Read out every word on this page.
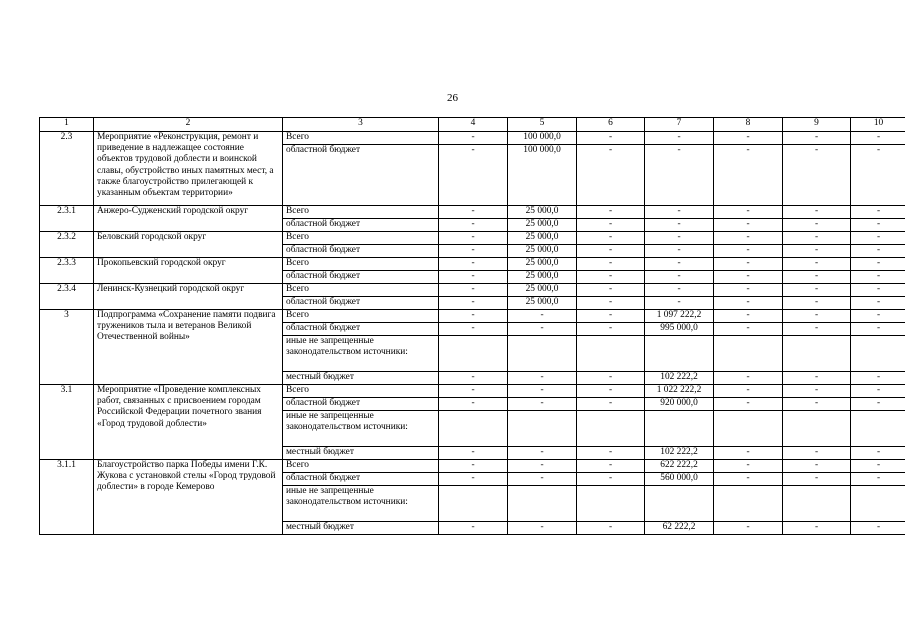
26
1	2	3	4	5	6	7	8	9	10
2.3	Мероприятие «Реконструкция, ремонт и приведение в надлежащее состояние объектов трудовой доблести и воинской славы, обустройство иных памятных мест, а также благоустройство прилегающей к указанным объектам территории»	Всего	-	100 000,0	-	-	-	-	-
		областной бюджет	-	100 000,0	-	-	-	-	-
2.3.1	Анжеро-Судженский городской округ	Всего	-	25 000,0	-	-	-	-	-
		областной бюджет	-	25 000,0	-	-	-	-	-
2.3.2	Беловский городской округ	Всего	-	25 000,0	-	-	-	-	-
		областной бюджет	-	25 000,0	-	-	-	-	-
2.3.3	Прокопьевский городской округ	Всего	-	25 000,0	-	-	-	-	-
		областной бюджет	-	25 000,0	-	-	-	-	-
2.3.4	Ленинск-Кузнецкий городской округ	Всего	-	25 000,0	-	-	-	-	-
		областной бюджет	-	25 000,0	-	-	-	-	-
3	Подпрограмма «Сохранение памяти подвига тружеников тыла и ветеранов Великой Отечественной войны»	Всего	-	-	-	1 097 222,2	-	-	-
		областной бюджет	-	-	-	995 000,0	-	-	-
		иные не запрещенные законодательством источники:							
		местный бюджет	-	-	-	102 222,2	-	-	-
3.1	Мероприятие «Проведение комплексных работ, связанных с присвоением городам Российской Федерации почетного звания «Город трудовой доблести»	Всего	-	-	-	1 022 222,2	-	-	-
		областной бюджет	-	-	-	920 000,0	-	-	-
		иные не запрещенные законодательством источники:							
		местный бюджет	-	-	-	102 222,2	-	-	-
3.1.1	Благоустройство парка Победы имени Г.К. Жукова с установкой стелы «Город трудовой доблести» в городе Кемерово	Всего	-	-	-	622 222,2	-	-	-
		областной бюджет	-	-	-	560 000,0	-	-	-
		иные не запрещенные законодательством источники:							
		местный бюджет	-	-	-	62 222,2	-	-	-
